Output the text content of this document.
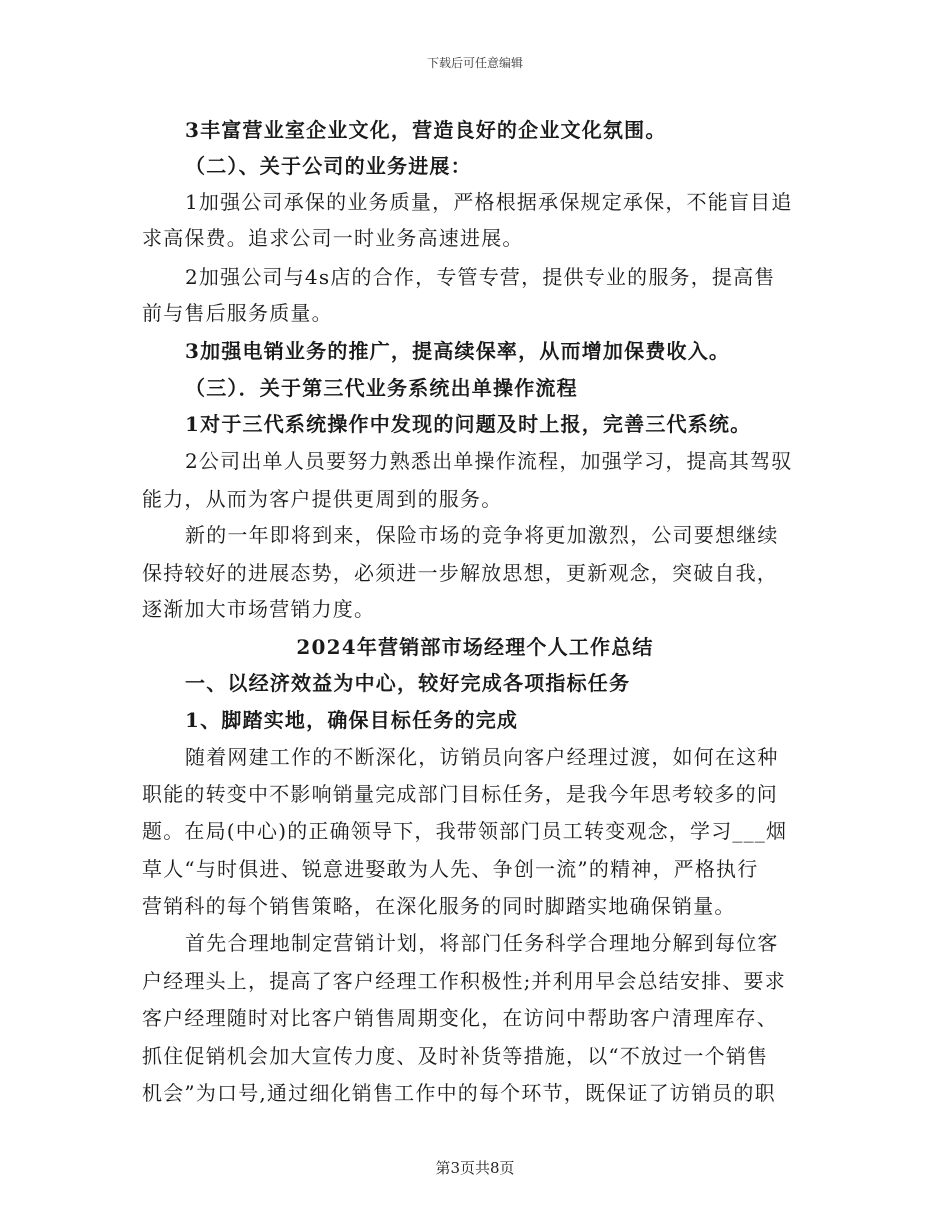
下载后可任意编辑
3丰富营业室企业文化，营造良好的企业文化氛围。
（二）、关于公司的业务进展：
1加强公司承保的业务质量，严格根据承保规定承保，不能盲目追
求高保费。追求公司一时业务高速进展。
2加强公司与4s店的合作，专管专营，提供专业的服务，提高售
前与售后服务质量。
3加强电销业务的推广，提高续保率，从而增加保费收入。
（三）．关于第三代业务系统出单操作流程
1对于三代系统操作中发现的问题及时上报，完善三代系统。
2公司出单人员要努力熟悉出单操作流程，加强学习，提高其驾驭
能力，从而为客户提供更周到的服务。
新的一年即将到来，保险市场的竞争将更加激烈，公司要想继续
保持较好的进展态势，必须进一步解放思想，更新观念，突破自我，
逐渐加大市场营销力度。
2024年营销部市场经理个人工作总结
一、以经济效益为中心，较好完成各项指标任务
1、脚踏实地，确保目标任务的完成
随着网建工作的不断深化，访销员向客户经理过渡，如何在这种
职能的转变中不影响销量完成部门目标任务，是我今年思考较多的问
题。在局(中心)的正确领导下，我带领部门员工转变观念，学习___烟
草人“与时俱进、锐意进娶敢为人先、争创一流”的精神，严格执行
营销科的每个销售策略，在深化服务的同时脚踏实地确保销量。
首先合理地制定营销计划，将部门任务科学合理地分解到每位客
户经理头上，提高了客户经理工作积极性;并利用早会总结安排、要求
客户经理随时对比客户销售周期变化，在访问中帮助客户清理库存、
抓住促销机会加大宣传力度、及时补货等措施，以“不放过一个销售
机会”为口号,通过细化销售工作中的每个环节，既保证了访销员的职
第3页共8页
